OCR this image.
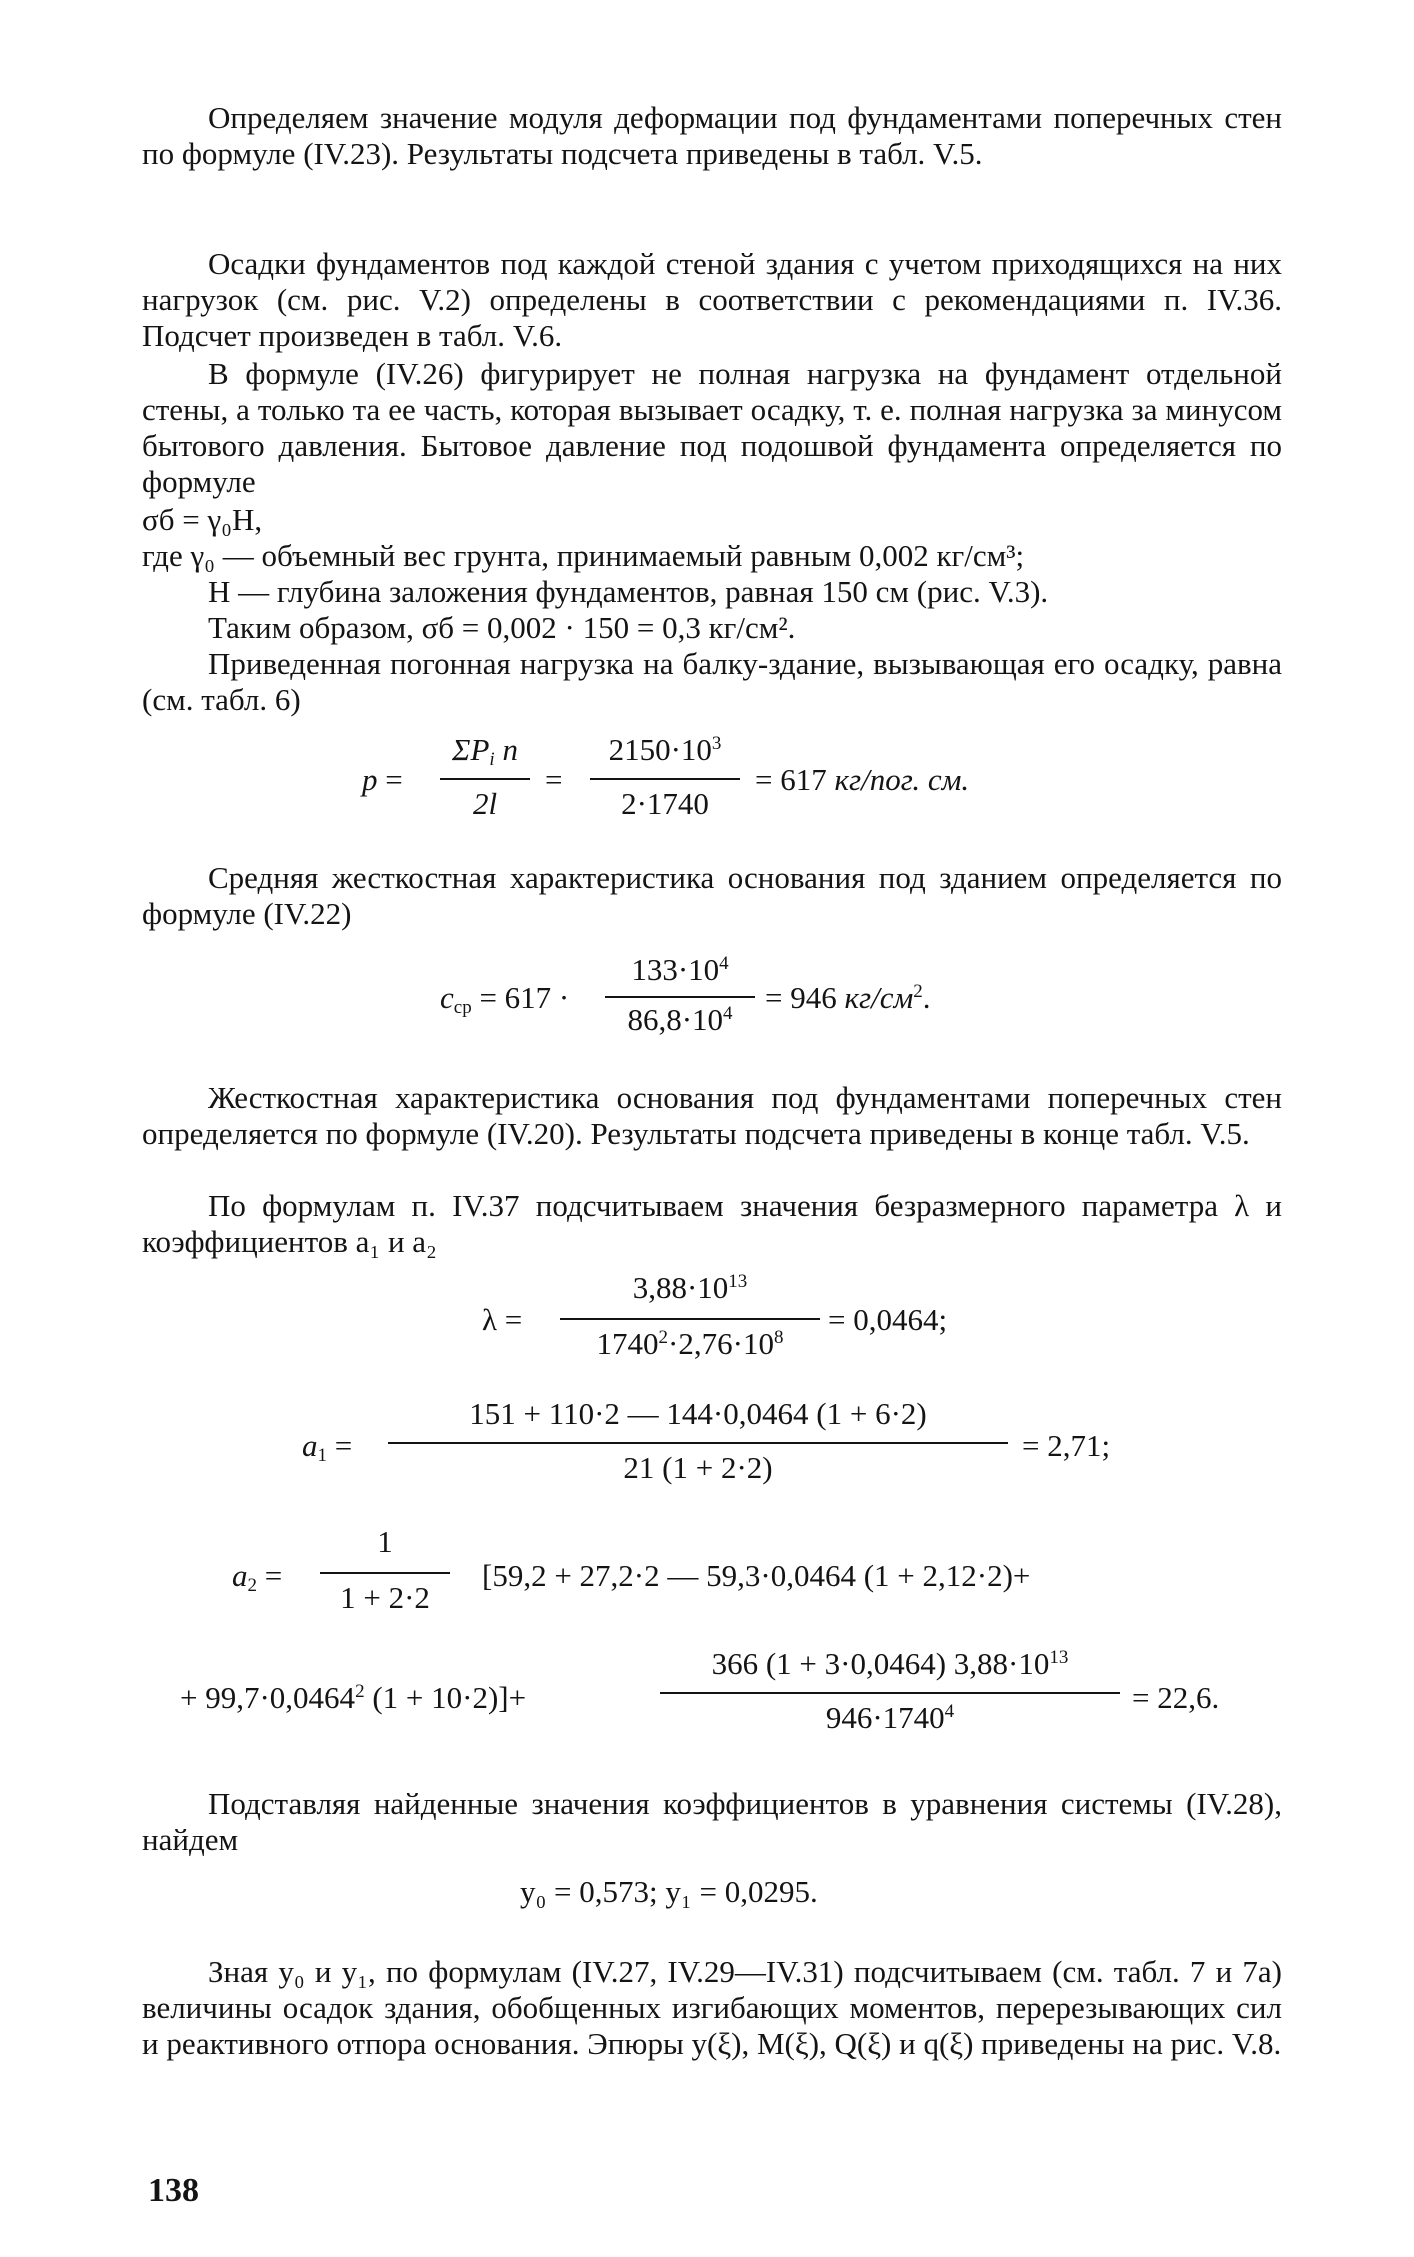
Определяем значение модуля деформации под фундаментами поперечных стен по формуле (IV.23). Результаты подсчета приведены в табл. V.5.

Осадки фундаментов под каждой стеной здания с учетом приходящихся на них нагрузок (см. рис. V.2) определены в соответствии с рекомендациями п. IV.36. Подсчет произведен в табл. V.6.

В формуле (IV.26) фигурирует не полная нагрузка на фундамент отдельной стены, а только та ее часть, которая вызывает осадку, т. е. полная нагрузка за минусом бытового давления. Бытовое давление под подошвой фундамента определяется по формуле

σб = γ₀H,
где γ₀ — объемный вес грунта, принимаемый равным 0,002 кг/см³;
H — глубина заложения фундаментов, равная 150 см (рис. V.3).
Таким образом, σб = 0,002 · 150 = 0,3 кг/см².

Приведенная погонная нагрузка на балку-здание, вызывающая его осадку, равна (см. табл. 6)

p =
$\Sigma P_i$ n
2l
=
$2150\cdot 10^3$
2·1740
= 617 кг/пог. см.

Средняя жесткостная характеристика основания под зданием определяется по формуле (IV.22)

$c_{ср} = 617$ ·
$133\cdot 10^4$
$86,8\cdot 10^4$	= 946 $кг/см^2$.

Жесткостная характеристика основания под фундаментами поперечных стен определяется по формуле (IV.20). Результаты подсчета приведены в конце табл. V.5.

По формулам п. IV.37 подсчитываем значения безразмерного параметра λ и коэффициентов a₁ и a₂

λ =
$3,88\cdot 10^{13}$
$1740^2\cdot 2,76\cdot 10^8$
= 0,0464;
$a_1$ =
151 + 110·2 — 144·0,0464 (1 + 6·2)
21 (1 + 2·2)
= 2,71;
$a_2$ =
1
1 + 2·2
[59,2 + 27,2·2 — 59,3·0,0464 (1 + 2,12·2)+
+ $99,7\cdot 0,0464^2$ (1 + 10·2)]+
366 (1 + 3·0,0464) $3,88\cdot 10^{13}$
$946\cdot 1740^4$	= 22,6.

Подставляя найденные значения коэффициентов в уравнения системы (IV.28), найдем

y₀ = 0,573; y₁ = 0,0295.

Зная y₀ и y₁, по формулам (IV.27, IV.29—IV.31) подсчитываем (см. табл. 7 и 7а) величины осадок здания, обобщенных изгибающих моментов, перерезывающих сил и реактивного отпора основания. Эпюры y(ξ), M(ξ), Q(ξ) и q(ξ) приведены на рис. V.8.

138
